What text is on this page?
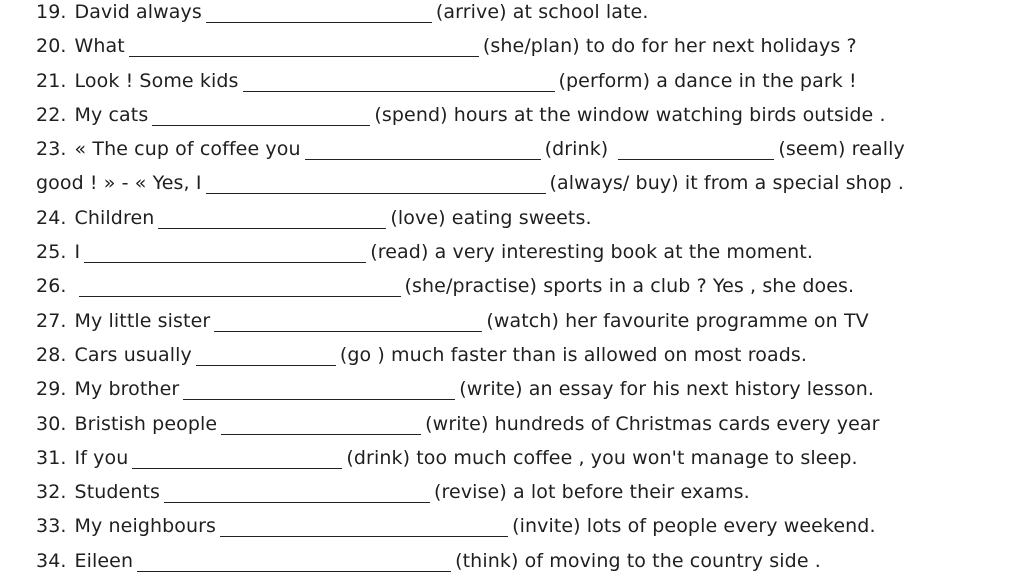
19. David always	(arrive) at school late.
20. What	(she/plan) to do for her next holidays ?
21. Look ! Some kids	(perform) a dance in the park !
22. My cats	(spend) hours at the window watching birds outside .
23. « The cup of coffee you	(drink)	(seem) really
good ! » - « Yes, I	(always/ buy) it from a special shop .
24. Children	(love) eating sweets.
25. I	(read) a very interesting book at the moment.
26.	(she/practise) sports in a club ? Yes , she does.
27. My little sister	(watch) her favourite programme on TV
28. Cars usually	(go ) much faster than is allowed on most roads.
29. My brother	(write) an essay for his next history lesson.
30. Bristish people	(write) hundreds of Christmas cards every year
31. If you	(drink) too much coffee , you won't manage to sleep.
32. Students	(revise) a lot before their exams.
33. My neighbours	(invite) lots of people every weekend.
34. Eileen	(think) of moving to the country side .
